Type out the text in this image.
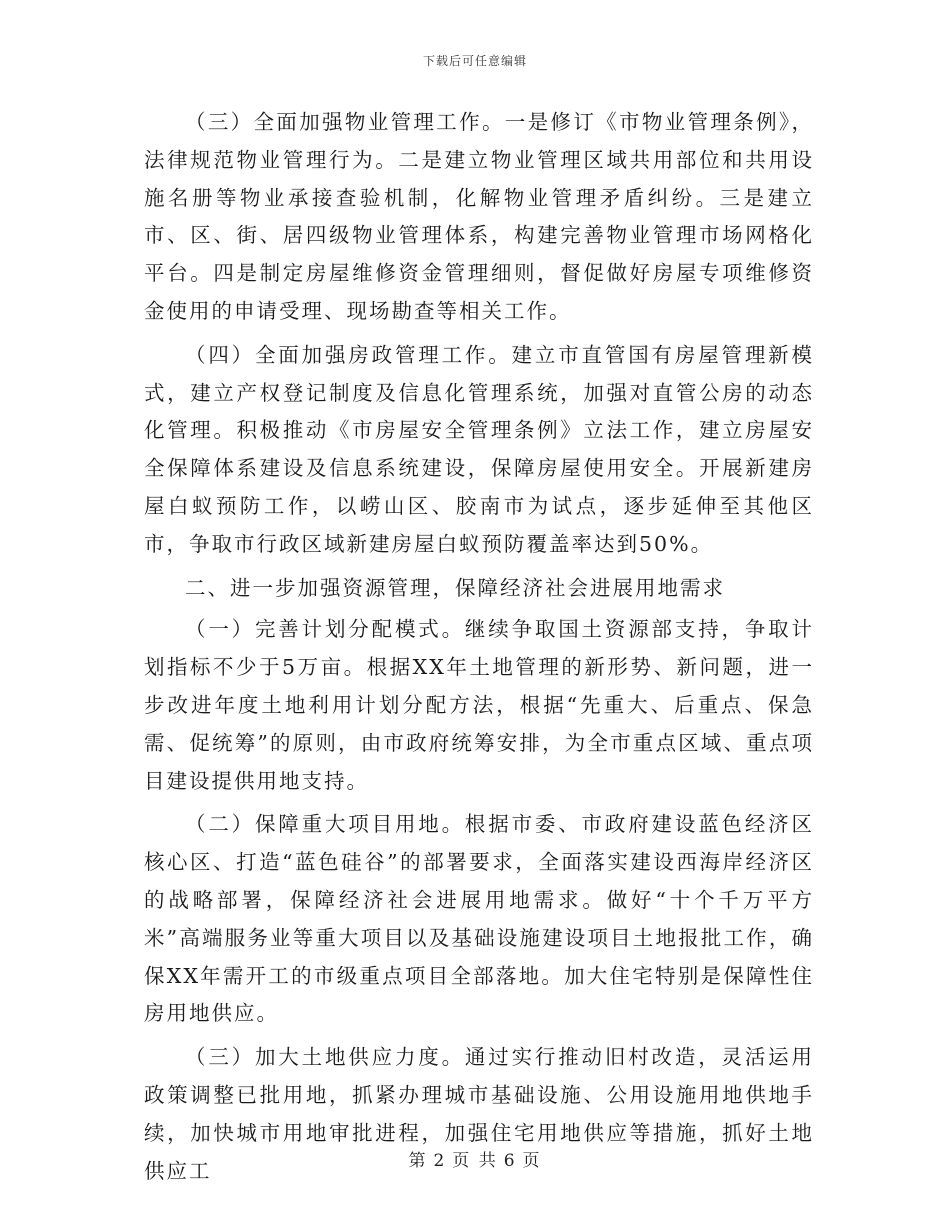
下载后可任意编辑

（三）全面加强物业管理工作。一是修订《市物业管理条例》，法律规范物业管理行为。二是建立物业管理区域共用部位和共用设施名册等物业承接查验机制，化解物业管理矛盾纠纷。三是建立市、区、街、居四级物业管理体系，构建完善物业管理市场网格化平台。四是制定房屋维修资金管理细则，督促做好房屋专项维修资金使用的申请受理、现场勘查等相关工作。

（四）全面加强房政管理工作。建立市直管国有房屋管理新模式，建立产权登记制度及信息化管理系统，加强对直管公房的动态化管理。积极推动《市房屋安全管理条例》立法工作，建立房屋安全保障体系建设及信息系统建设，保障房屋使用安全。开展新建房屋白蚁预防工作，以崂山区、胶南市为试点，逐步延伸至其他区市，争取市行政区域新建房屋白蚁预防覆盖率达到50%。

二、进一步加强资源管理，保障经济社会进展用地需求

（一）完善计划分配模式。继续争取国土资源部支持，争取计划指标不少于5万亩。根据XX年土地管理的新形势、新问题，进一步改进年度土地利用计划分配方法，根据“先重大、后重点、保急需、促统筹”的原则，由市政府统筹安排，为全市重点区域、重点项目建设提供用地支持。

（二）保障重大项目用地。根据市委、市政府建设蓝色经济区核心区、打造“蓝色硅谷”的部署要求，全面落实建设西海岸经济区的战略部署，保障经济社会进展用地需求。做好“十个千万平方米”高端服务业等重大项目以及基础设施建设项目土地报批工作，确保XX年需开工的市级重点项目全部落地。加大住宅特别是保障性住房用地供应。

（三）加大土地供应力度。通过实行推动旧村改造，灵活运用政策调整已批用地，抓紧办理城市基础设施、公用设施用地供地手续，加快城市用地审批进程，加强住宅用地供应等措施，抓好土地供应工	第 2 页 共 6 页
